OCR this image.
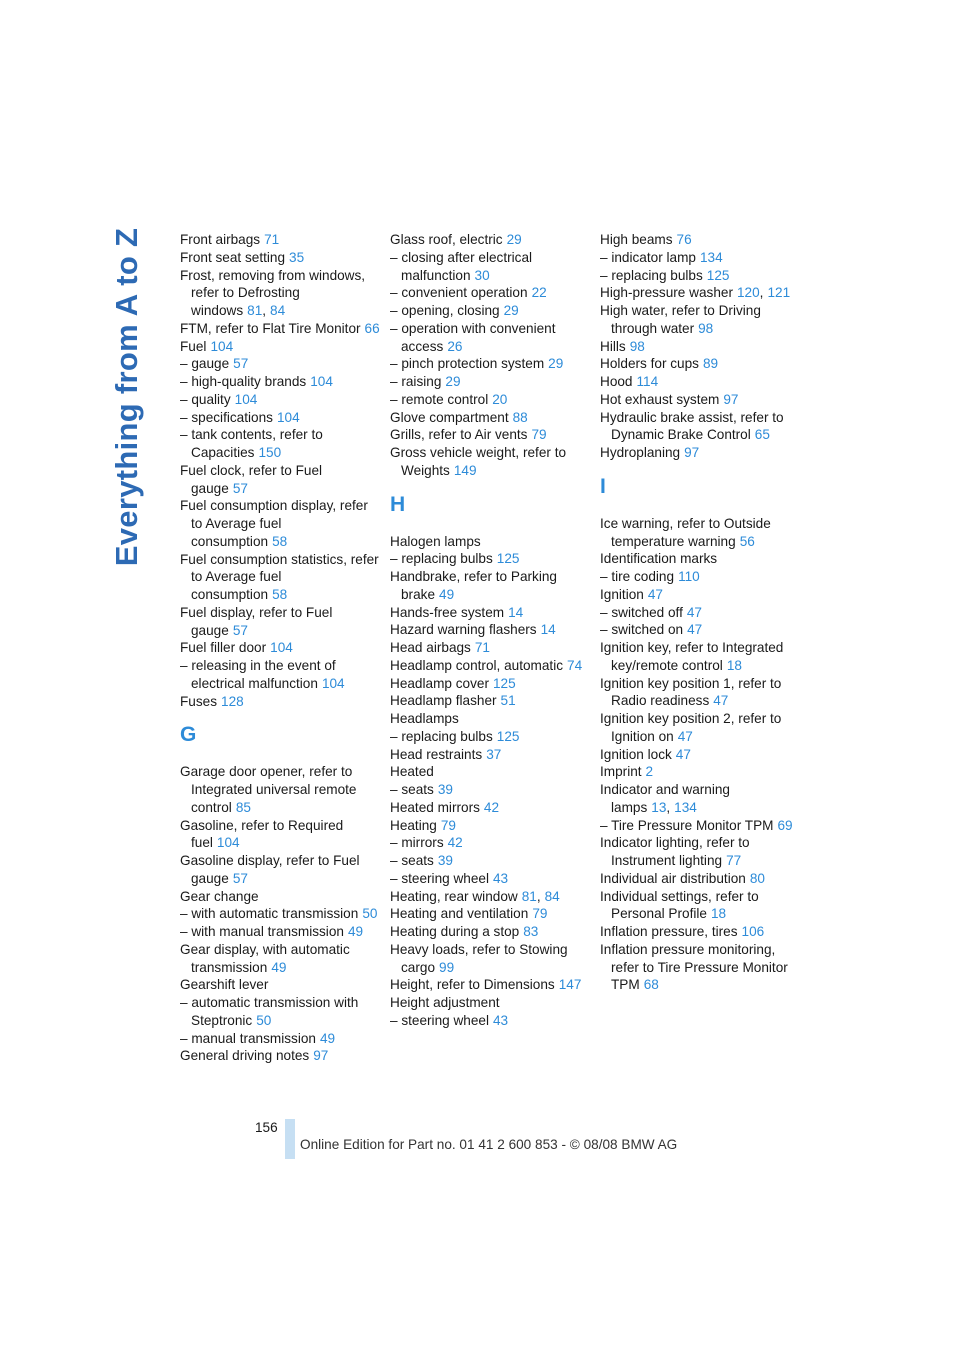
Everything from A to Z	Front airbags 71
Front seat setting 35
Frost, removing from windows, refer to Defrosting windows 81, 84
FTM, refer to Flat Tire Monitor 66
Fuel 104
– gauge 57
– high-quality brands 104
– quality 104
– specifications 104
– tank contents, refer to Capacities 150
Fuel clock, refer to Fuel gauge 57
Fuel consumption display, refer to Average fuel consumption 58
Fuel consumption statistics, refer to Average fuel consumption 58
Fuel display, refer to Fuel gauge 57
Fuel filler door 104
– releasing in the event of electrical malfunction 104
Fuses 128
G
Garage door opener, refer to Integrated universal remote control 85
Gasoline, refer to Required fuel 104
Gasoline display, refer to Fuel gauge 57
Gear change
– with automatic transmission 50
– with manual transmission 49
Gear display, with automatic transmission 49
Gearshift lever
– automatic transmission with Steptronic 50
– manual transmission 49
General driving notes 97
Glass roof, electric 29
– closing after electrical malfunction 30
– convenient operation 22
– opening, closing 29
– operation with convenient access 26
– pinch protection system 29
– raising 29
– remote control 20
Glove compartment 88
Grills, refer to Air vents 79
Gross vehicle weight, refer to Weights 149
H
Halogen lamps
– replacing bulbs 125
Handbrake, refer to Parking brake 49
Hands-free system 14
Hazard warning flashers 14
Head airbags 71
Headlamp control, automatic 74
Headlamp cover 125
Headlamp flasher 51
Headlamps
– replacing bulbs 125
Head restraints 37
Heated
– seats 39
Heated mirrors 42
Heating 79
– mirrors 42
– seats 39
– steering wheel 43
Heating, rear window 81, 84
Heating and ventilation 79
Heating during a stop 83
Heavy loads, refer to Stowing cargo 99
Height, refer to Dimensions 147
Height adjustment
– steering wheel 43
High beams 76
– indicator lamp 134
– replacing bulbs 125
High-pressure washer 120, 121
High water, refer to Driving through water 98
Hills 98
Holders for cups 89
Hood 114
Hot exhaust system 97
Hydraulic brake assist, refer to Dynamic Brake Control 65
Hydroplaning 97
I
Ice warning, refer to Outside temperature warning 56
Identification marks
– tire coding 110
Ignition 47
– switched off 47
– switched on 47
Ignition key, refer to Integrated key/remote control 18
Ignition key position 1, refer to Radio readiness 47
Ignition key position 2, refer to Ignition on 47
Ignition lock 47
Imprint 2
Indicator and warning lamps 13, 134
– Tire Pressure Monitor TPM 69
Indicator lighting, refer to Instrument lighting 77
Individual air distribution 80
Individual settings, refer to Personal Profile 18
Inflation pressure, tires 106
Inflation pressure monitoring, refer to Tire Pressure Monitor TPM 68
156
Online Edition for Part no. 01 41 2 600 853 - © 08/08 BMW AG
